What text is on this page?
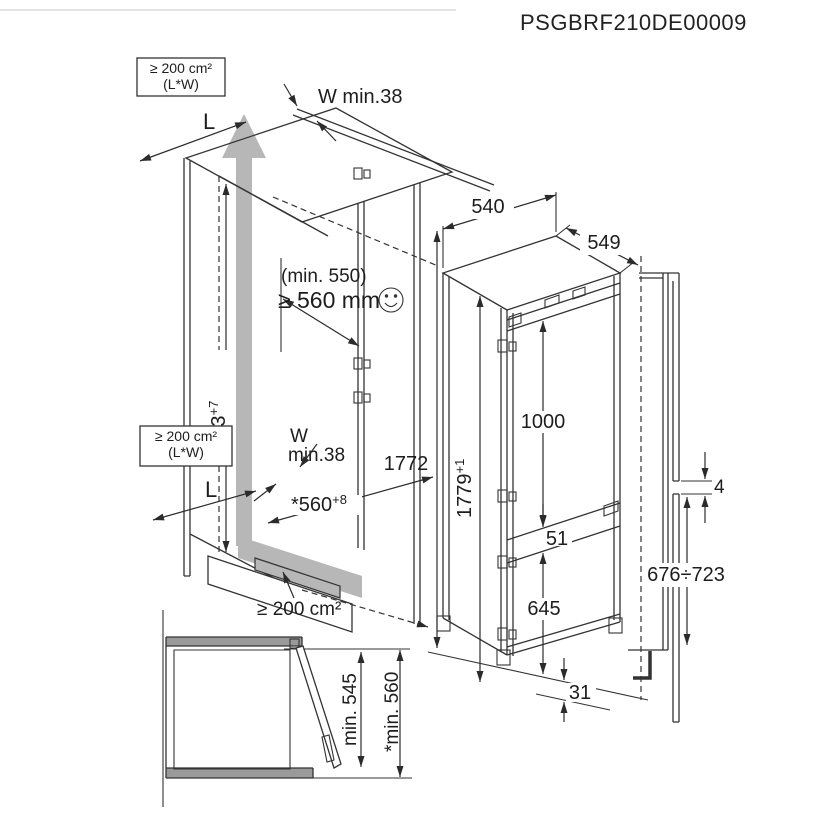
L
≥ 200 cm²
(L*W)
W min.38
(min. 550)
≥ 560 mm
$^{+7}$
≥ 200 cm²
(L*W)
W
min.38
L
$*560^{+8}$
≥ 200 cm²
540
549
1772
$1779^{+1}$
1000
51
645
31
4
676÷723
min. 545 *min. 560
PSGBRF210DE00009
